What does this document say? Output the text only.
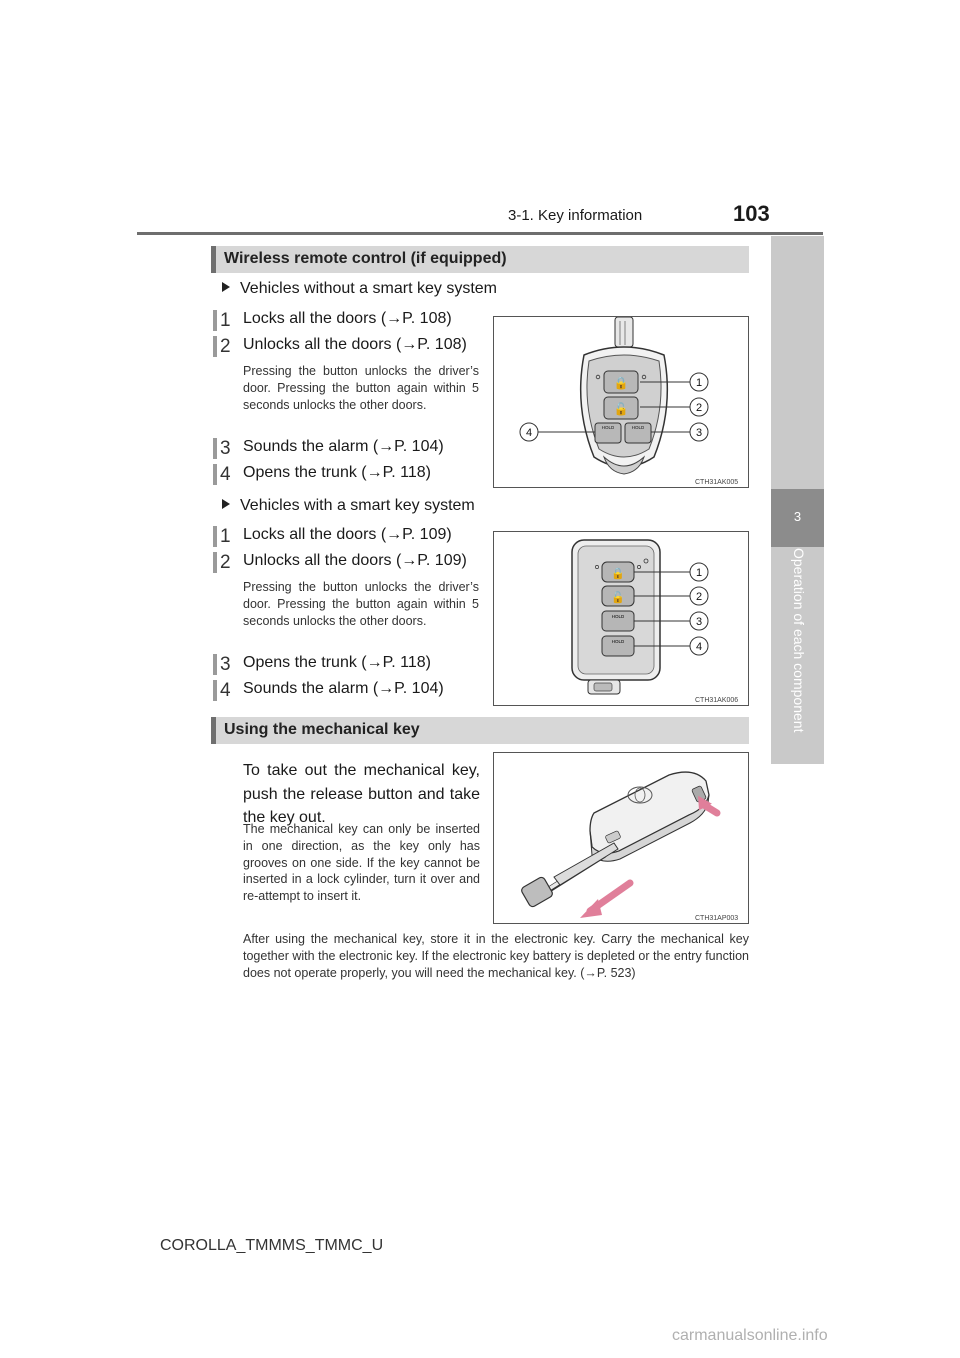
3-1. Key information	103
3
Operation of each component
Wireless remote control (if equipped)
Vehicles without a smart key system
1 Locks all the doors (→P. 108)
2 Unlocks all the doors (→P. 108)
Pressing the button unlocks the driver’s door. Pressing the button again within 5 seconds unlocks the other doors.
3 Sounds the alarm (→P. 104)
4 Opens the trunk (→P. 118)
🔒
🔓
HOLD	HOLD
1
2
3
4
CTH31AK005
Vehicles with a smart key system
1 Locks all the doors (→P. 109)
2 Unlocks all the doors (→P. 109)
Pressing the button unlocks the driver’s door. Pressing the button again within 5 seconds unlocks the other doors.
3 Opens the trunk (→P. 118)
4 Sounds the alarm (→P. 104)
🔒
🔓
HOLD
HOLD
1
2
3
4
CTH31AK006
Using the mechanical key
To take out the mechanical key, push the release button and take the key out.
The mechanical key can only be inserted in one direction, as the key only has grooves on one side. If the key cannot be inserted in a lock cylinder, turn it over and re-attempt to insert it.
CTH31AP003
After using the mechanical key, store it in the electronic key. Carry the mechanical key together with the electronic key. If the electronic key battery is depleted or the entry function does not operate properly, you will need the mechanical key. (→P. 523)
COROLLA_TMMMS_TMMC_U
carmanualsonline.info
